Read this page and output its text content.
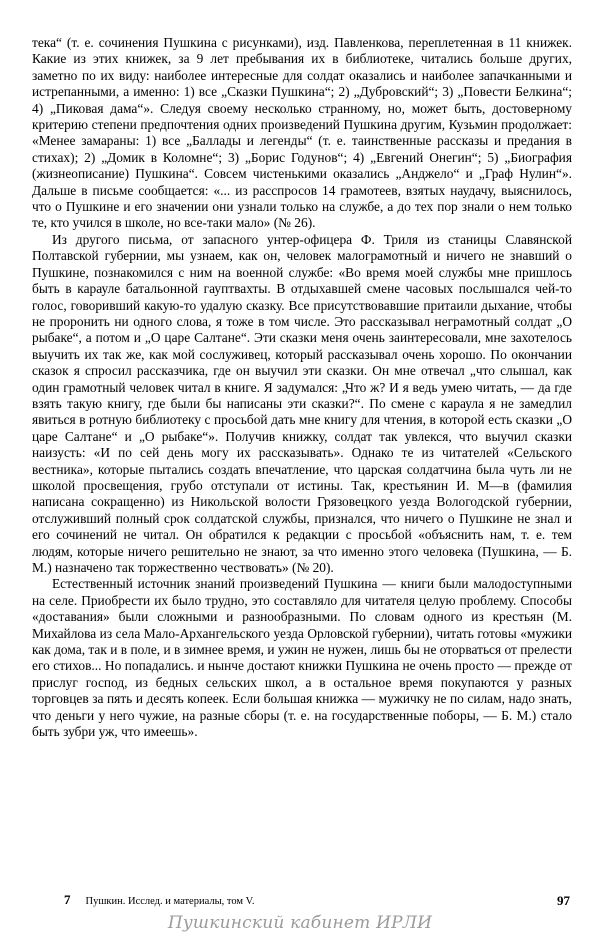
тека“ (т. е. сочинения Пушкина с рисунками), изд. Павленкова, переплетенная в 11 книжек. Какие из этих книжек, за 9 лет пребывания их в библиотеке, читались больше других, заметно по их виду: наиболее интересные для солдат оказались и наиболее запачканными и истрепанными, а именно: 1) все „Сказки Пушкина“; 2) „Дубровский“; 3) „Повести Белкина“; 4) „Пиковая дама“». Следуя своему несколько странному, но, может быть, достоверному критерию степени предпочтения одних произведений Пушкина другим, Кузьмин продолжает: «Менее замараны: 1) все „Баллады и легенды“ (т. е. таинственные рассказы и предания в стихах); 2) „Домик в Коломне“; 3) „Борис Годунов“; 4) „Евгений Онегин“; 5) „Биография (жизнеописание) Пушкина“. Совсем чистенькими оказались „Анджело“ и „Граф Нулин“». Дальше в письме сообщается: «... из расспросов 14 грамотеев, взятых наудачу, выяснилось, что о Пушкине и его значении они узнали только на службе, а до тех пор знали о нем только те, кто учился в школе, но все-таки мало» (№ 26).

Из другого письма, от запасного унтер-офицера Ф. Триля из станицы Славянской Полтавской губернии, мы узнаем, как он, человек малограмотный и ничего не знавший о Пушкине, познакомился с ним на военной службе: «Во время моей службы мне пришлось быть в карауле батальонной гауптвахты. В отдыхавшей смене часовых послышался чей-то голос, говоривший какую-то удалую сказку. Все присутствовавшие притаили дыхание, чтобы не проронить ни одного слова, я тоже в том числе. Это рассказывал неграмотный солдат „О рыбаке“, а потом и „О царе Салтане“. Эти сказки меня очень заинтересовали, мне захотелось выучить их так же, как мой сослуживец, который рассказывал очень хорошо. По окончании сказок я спросил рассказчика, где он выучил эти сказки. Он мне отвечал „что слышал, как один грамотный человек читал в книге. Я задумался: „Что ж? И я ведь умею читать, — да где взять такую книгу, где были бы написаны эти сказки?“. По смене с караула я не замедлил явиться в ротную библиотеку с просьбой дать мне книгу для чтения, в которой есть сказки „О царе Салтане“ и „О рыбаке“». Получив книжку, солдат так увлекся, что выучил сказки наизусть: «И по сей день могу их рассказывать». Однако те из читателей «Сельского вестника», которые пытались создать впечатление, что царская солдатчина была чуть ли не школой просвещения, грубо отступали от истины. Так, крестьянин И. М—в (фамилия написана сокращенно) из Никольской волости Грязовецкого уезда Вологодской губернии, отслуживший полный срок солдатской службы, признался, что ничего о Пушкине не знал и его сочинений не читал. Он обратился к редакции с просьбой «объяснить нам, т. е. тем людям, которые ничего решительно не знают, за что именно этого человека (Пушкина, — Б. М.) назначено так торжественно чествовать» (№ 20).

Естественный источник знаний произведений Пушкина — книги были малодоступными на селе. Приобрести их было трудно, это составляло для читателя целую проблему. Способы «доставания» были сложными и разнообразными. По словам одного из крестьян (М. Михайлова из села Мало-Архангельского уезда Орловской губернии), читать готовы «мужики как дома, так и в поле, и в зимнее время, и ужин не нужен, лишь бы не оторваться от прелести его стихов... Но попадались. и нынче достают книжки Пушкина не очень просто — прежде от прислуг господ, из бедных сельских школ, а в остальное время покупаются у разных торговцев за пять и десять копеек. Если большая книжка — мужичку не по силам, надо знать, что деньги у него чужие, на разные сборы (т. е. на государственные поборы, — Б. М.) стало быть зубри уж, что имеешь».

7 Пушкин. Исслед. и материалы, том V.	97
Пушкинский кабинет ИРЛИ
